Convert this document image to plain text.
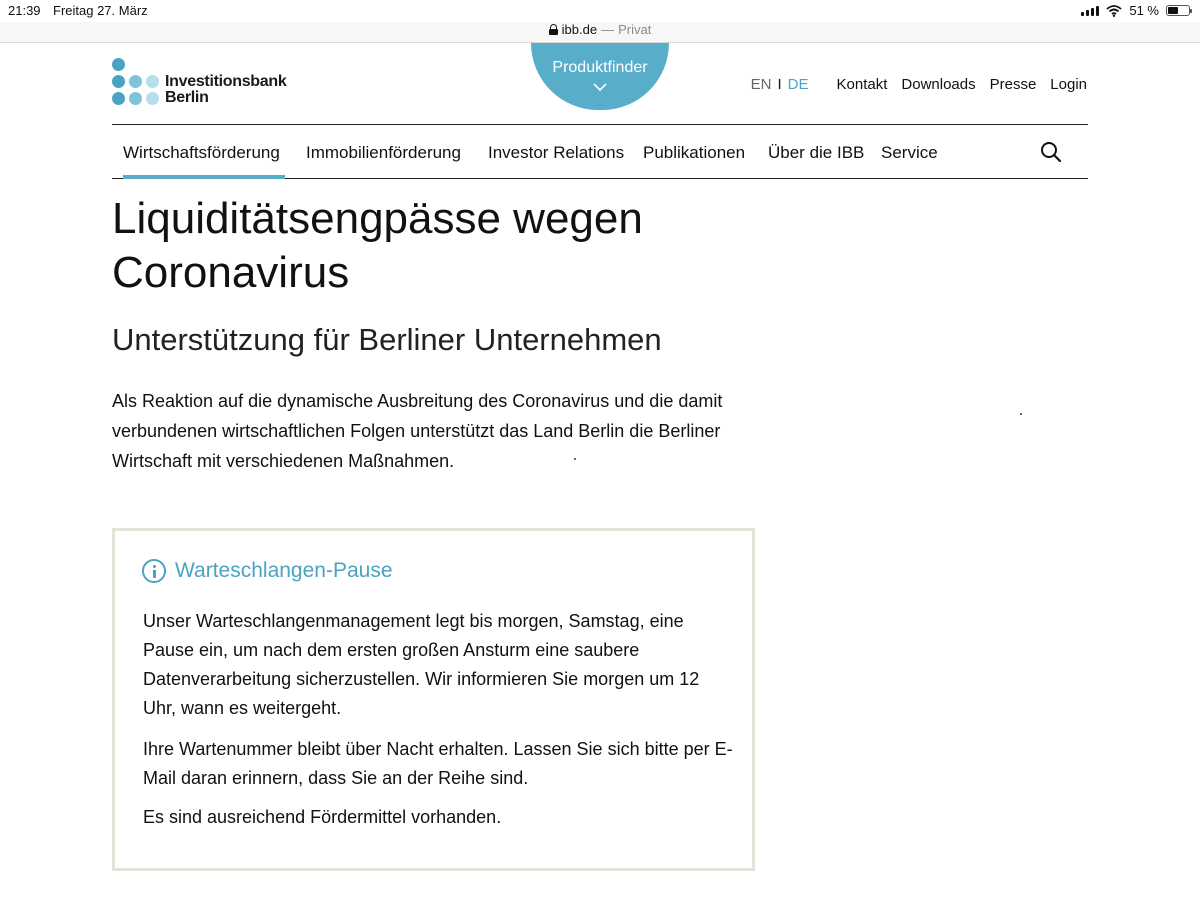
21:39 Freitag 27. März	51 %
ibb.de — Privat
Investitionsbank
Berlin
Produktfinder
EN I DE Kontakt Downloads Presse Login
Wirtschaftsförderung Immobilienförderung Investor Relations Publikationen Über die IBB Service
Liquiditätsengpässe wegen Coronavirus
Unterstützung für Berliner Unternehmen

Als Reaktion auf die dynamische Ausbreitung des Coronavirus und die damit verbundenen wirtschaftlichen Folgen unterstützt das Land Berlin die Berliner Wirtschaft mit verschiedenen Maßnahmen.

Warteschlangen-Pause

Unser Warteschlangenmanagement legt bis morgen, Samstag, eine Pause ein, um nach dem ersten großen Ansturm eine saubere Datenverarbeitung sicherzustellen. Wir informieren Sie morgen um 12 Uhr, wann es weitergeht.

Ihre Wartenummer bleibt über Nacht erhalten. Lassen Sie sich bitte per E-Mail daran erinnern, dass Sie an der Reihe sind.

Es sind ausreichend Fördermittel vorhanden.
